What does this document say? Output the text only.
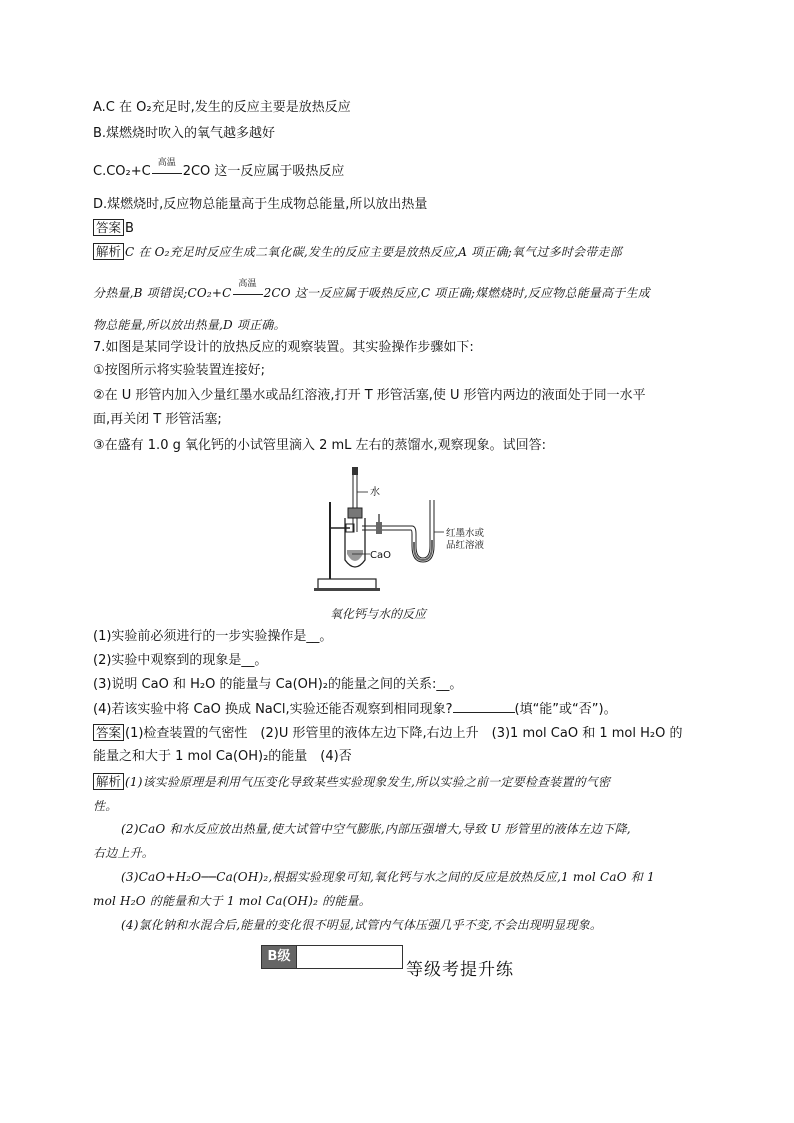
A.C 在 O₂充足时,发生的反应主要是放热反应
B.煤燃烧时吹入的氧气越多越好
C.CO₂+C
高温
2CO 这一反应属于吸热反应
D.煤燃烧时,反应物总能量高于生成物总能量,所以放出热量
答案 B
解析 C 在 O₂充足时反应生成二氧化碳,发生的反应主要是放热反应,A 项正确;氧气过多时会带走部
分热量,B 项错误;CO₂+C
高温
2CO 这一反应属于吸热反应,C 项正确;煤燃烧时,反应物总能量高于生成
物总能量,所以放出热量,D 项正确。
7.如图是某同学设计的放热反应的观察装置。其实验操作步骤如下:
①按图所示将实验装置连接好;
②在 U 形管内加入少量红墨水或品红溶液,打开 T 形管活塞,使 U 形管内两边的液面处于同一水平
面,再关闭 T 形管活塞;
③在盛有 1.0 g 氧化钙的小试管里滴入 2 mL 左右的蒸馏水,观察现象。试回答:
水
CaO
红墨水或
品红溶液
氧化钙与水的反应
(1)实验前必须进行的一步实验操作是__。
(2)实验中观察到的现象是__。
(3)说明 CaO 和 H₂O 的能量与 Ca(OH)₂的能量之间的关系:__。
(4)若该实验中将 CaO 换成 NaCl,实验还能否观察到相同现象?	(填“能”或“否”)。
答案 (1)检查装置的气密性　(2)U 形管里的液体左边下降,右边上升　(3)1 mol CaO 和 1 mol H₂O 的
能量之和大于 1 mol Ca(OH)₂的能量　(4)否
解析 (1)该实验原理是利用气压变化导致某些实验现象发生,所以实验之前一定要检查装置的气密
性。
(2)CaO 和水反应放出热量,使大试管中空气膨胀,内部压强增大,导致 U 形管里的液体左边下降,
右边上升。
(3)CaO+H₂O──Ca(OH)₂,根据实验现象可知,氧化钙与水之间的反应是放热反应,1 mol CaO 和 1
mol H₂O 的能量和大于 1 mol Ca(OH)₂ 的能量。
(4)氯化钠和水混合后,能量的变化很不明显,试管内气体压强几乎不变,不会出现明显现象。
B级
等级考提升练
